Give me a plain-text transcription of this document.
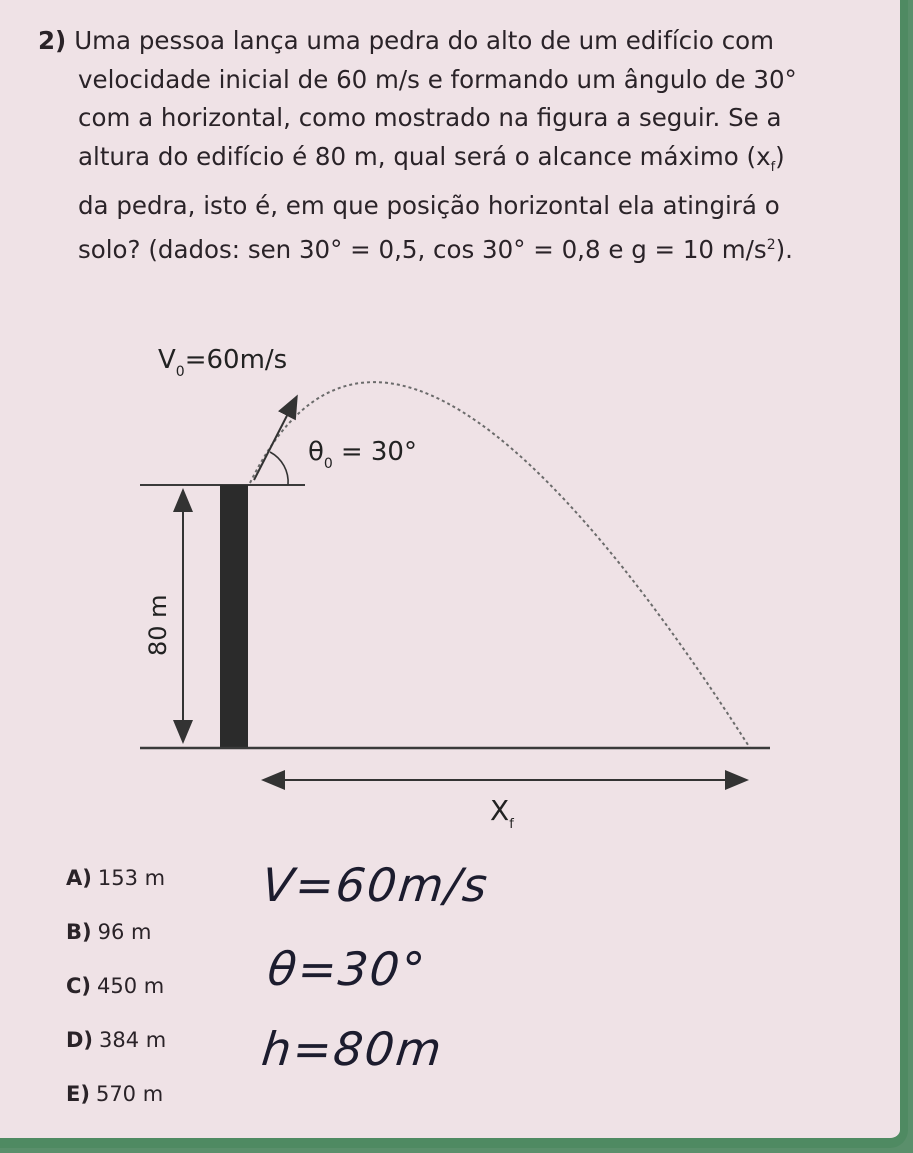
2) Uma pessoa lança uma pedra do alto de um edifício com
velocidade inicial de 60 m/s e formando um ângulo de 30°
com a horizontal, como mostrado na figura a seguir. Se a
altura do edifício é 80 m, qual será o alcance máximo $(x_f)$
da pedra, isto é, em que posição horizontal ela atingirá o
solo? (dados: sen 30° = 0,5, cos 30° = 0,8 e g = 10 $m/s^2$).
$V_0=60m/s$
$\theta_0 = 30^\circ$
80 m
$X_f$
A) 153 m
B) 96 m
C) 450 m
D) 384 m
E) 570 m
V=60m/s
θ=30°
h=80m
